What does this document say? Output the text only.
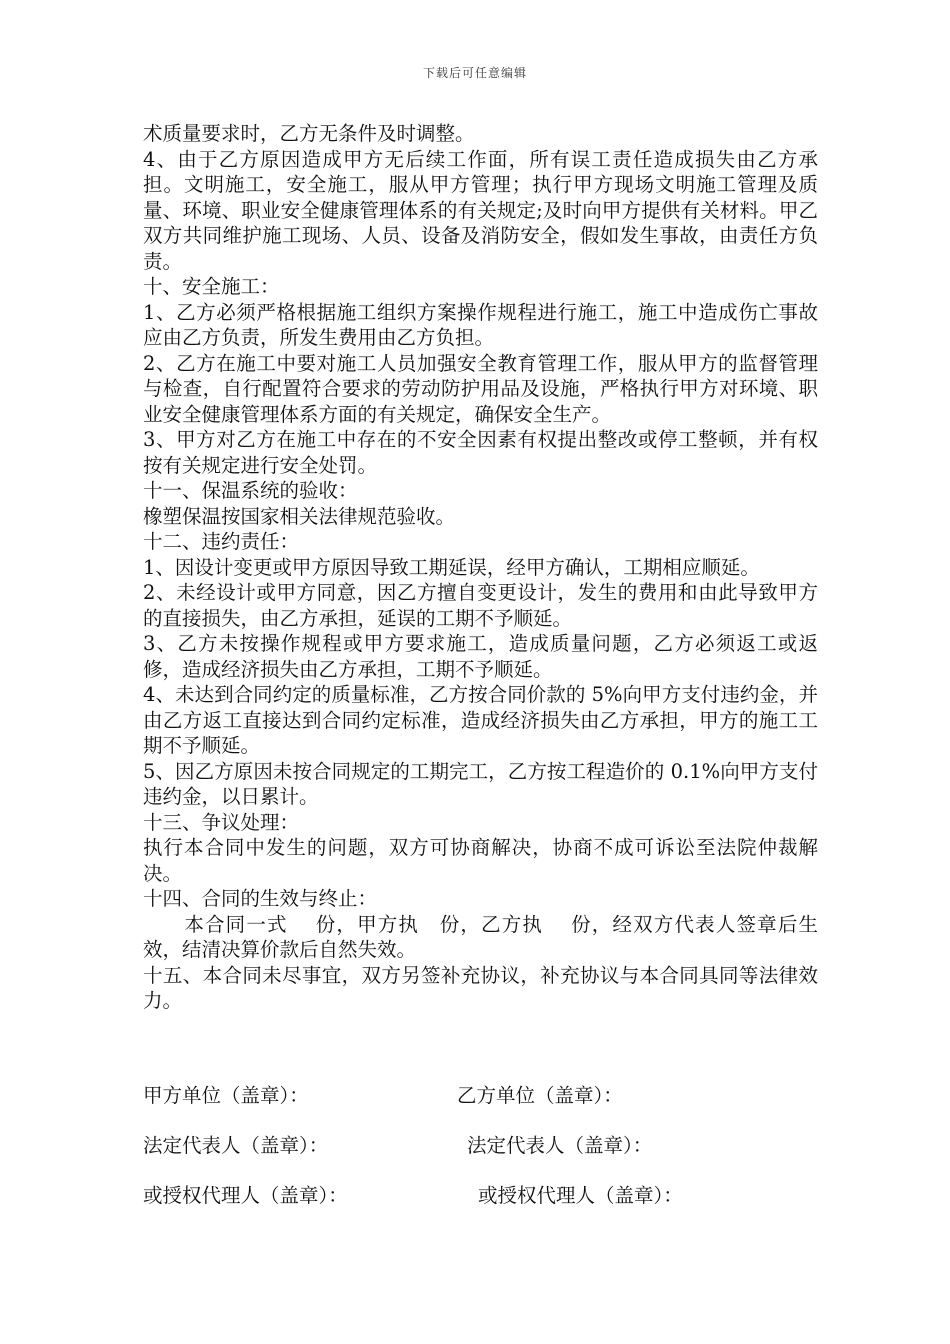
下载后可任意编辑

术质量要求时，乙方无条件及时调整。

4、由于乙方原因造成甲方无后续工作面，所有误工责任造成损失由乙方承担。文明施工，安全施工，服从甲方管理；执行甲方现场文明施工管理及质量、环境、职业安全健康管理体系的有关规定;及时向甲方提供有关材料。甲乙双方共同维护施工现场、人员、设备及消防安全，假如发生事故，由责任方负责。

十、安全施工：

1、乙方必须严格根据施工组织方案操作规程进行施工，施工中造成伤亡事故 应由乙方负责，所发生费用由乙方负担。

2、乙方在施工中要对施工人员加强安全教育管理工作，服从甲方的监督管理与检查，自行配置符合要求的劳动防护用品及设施，严格执行甲方对环境、职业安全健康管理体系方面的有关规定，确保安全生产。

3、甲方对乙方在施工中存在的不安全因素有权提出整改或停工整顿，并有权按有关规定进行安全处罚。

十一、保温系统的验收：

橡塑保温按国家相关法律规范验收。

十二、违约责任：

1、因设计变更或甲方原因导致工期延误，经甲方确认，工期相应顺延。

2、未经设计或甲方同意，因乙方擅自变更设计，发生的费用和由此导致甲方的直接损失，由乙方承担，延误的工期不予顺延。

3、乙方未按操作规程或甲方要求施工，造成质量问题，乙方必须返工或返修，造成经济损失由乙方承担，工期不予顺延。

4、未达到合同约定的质量标准，乙方按合同价款的 5%向甲方支付违约金，并由乙方返工直接达到合同约定标准，造成经济损失由乙方承担，甲方的施工工期不予顺延。

5、因乙方原因未按合同规定的工期完工，乙方按工程造价的 0.1%向甲方支付违约金，以日累计。

十三、争议处理：

执行本合同中发生的问题，双方可协商解决，协商不成可诉讼至法院仲裁解决。

十四、合同的生效与终止：

　　本合同一式　 份，甲方执　份，乙方执　 份，经双方代表人签章后生效，结清决算价款后自然失效。

十五、本合同未尽事宜，双方另签补充协议，补充协议与本合同具同等法律效力。

甲方单位（盖章）：	乙方单位（盖章）：
法定代表人（盖章）：	法定代表人（盖章）：
或授权代理人（盖章）：	或授权代理人（盖章）：
